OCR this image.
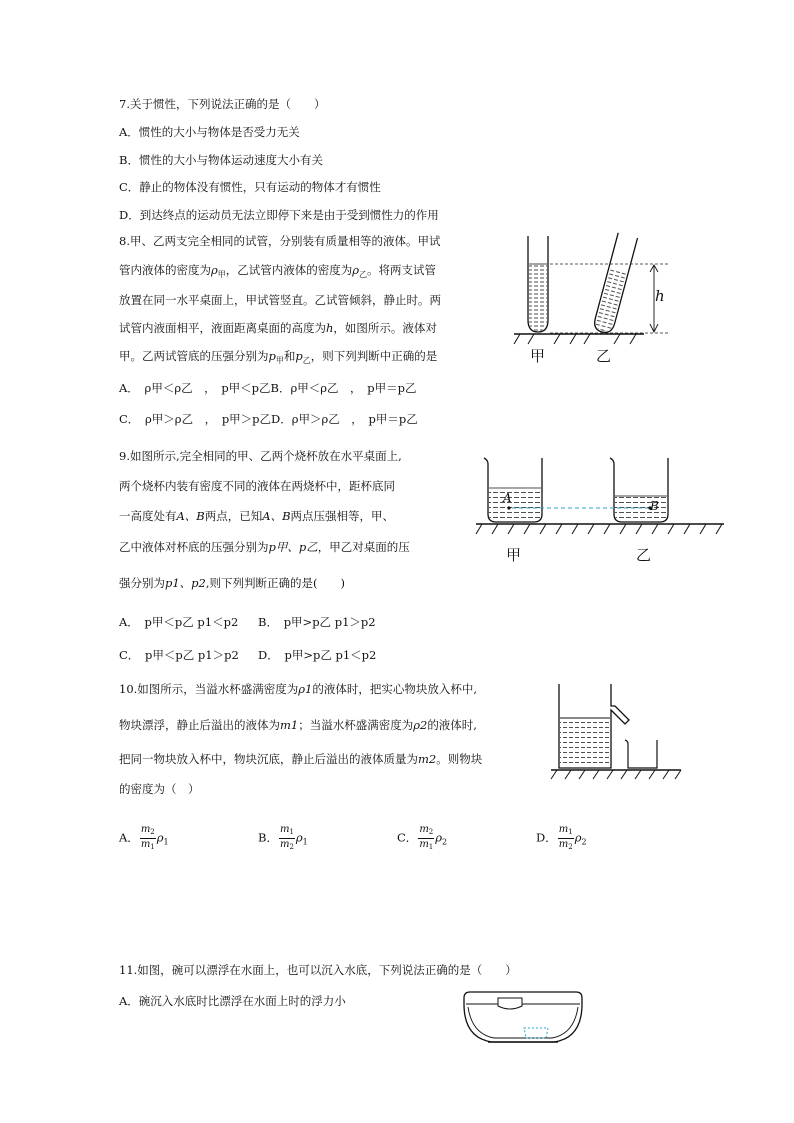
7.关于惯性，下列说法正确的是（　　）
A．惯性的大小与物体是否受力无关
B．惯性的大小与物体运动速度大小有关
C．静止的物体没有惯性，只有运动的物体才有惯性
D．到达终点的运动员无法立即停下来是由于受到惯性力的作用
8.甲、乙两支完全相同的试管，分别装有质量相等的液体。甲试
管内液体的密度为$\rho_甲$，乙试管内液体的密度为$\rho_乙$。将两支试管
放置在同一水平桌面上，甲试管竖直。乙试管倾斜，静止时。两
试管内液面相平，液面距离桌面的高度为h，如图所示。液体对
甲。乙两试管底的压强分别为$p_甲$和$p_乙$，则下列判断中正确的是
A．　ρ甲＜ρ乙　，　p甲＜p乙B．ρ甲＜ρ乙　，　p甲＝p乙
C．　ρ甲＞ρ乙　，　p甲＞p乙D．ρ甲＞ρ乙　，　p甲＝p乙
h
甲	乙
9.如图所示,完全相同的甲、乙两个烧杯放在水平桌面上,
两个烧杯内装有密度不同的液体在两烧杯中，距杯底同
一高度处有A、B两点，已知A、B两点压强相等，甲、
乙中液体对杯底的压强分别为p甲、p乙，甲乙对桌面的压
强分别为p1、p2,则下列判断正确的是(　　)
A．　p甲＜p乙 p1＜p2 B．　p甲>p乙 p1＞p2
C．　p甲＜p乙 p1＞p2 D．　p甲>p乙 p1＜p2
A
B
甲	乙
10.如图所示，当溢水杯盛满密度为ρ1的液体时，把实心物块放入杯中,
物块漂浮，静止后溢出的液体为m1；当溢水杯盛满密度为ρ2的液体时,
把同一物块放入杯中，物块沉底，静止后溢出的液体质量为m2。则物块
的密度为（　）
A． $\frac{m_2}{m_1} \rho_1$	B． $\frac{m_1}{m_2} \rho_1$	C． $\frac{m_2}{m_1} \rho_2$	D． $\frac{m_1}{m_2} \rho_2$
11.如图，碗可以漂浮在水面上，也可以沉入水底，下列说法正确的是（　　）
A．碗沉入水底时比漂浮在水面上时的浮力小
